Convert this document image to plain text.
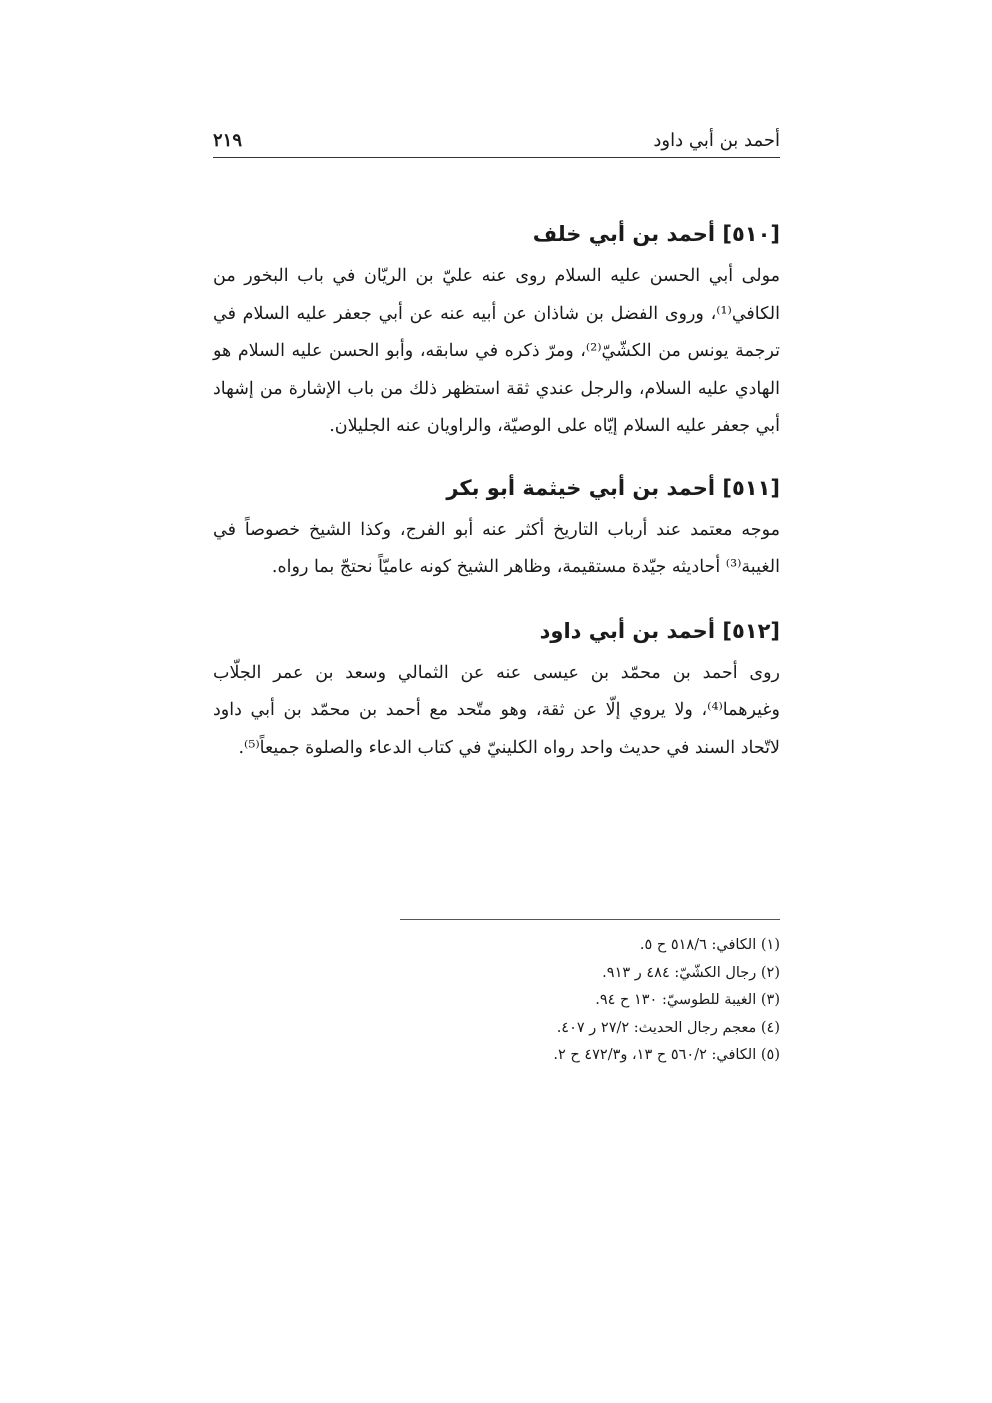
أحمد بن أبي داود
٢١٩
[٥١٠] أحمد بن أبي خلف

مولى أبي الحسن عليه السلام روى عنه عليّ بن الريّان في باب البخور من الكافي⁽¹⁾، وروى الفضل بن شاذان عن أبيه عنه عن أبي جعفر عليه السلام في ترجمة يونس من الكشّيّ⁽²⁾، ومرّ ذكره في سابقه، وأبو الحسن عليه السلام هو الهادي عليه السلام، والرجل عندي ثقة استظهر ذلك من باب الإشارة من إشهاد أبي جعفر عليه السلام إيّاه على الوصيّة، والراويان عنه الجليلان.

[٥١١] أحمد بن أبي خيثمة أبو بكر

موجه معتمد عند أرباب التاريخ أكثر عنه أبو الفرج، وكذا الشيخ خصوصاً في الغيبة⁽³⁾ أحاديثه جيّدة مستقيمة، وظاهر الشيخ كونه عاميّاً نحتجّ بما رواه.

[٥١٢] أحمد بن أبي داود

روى أحمد بن محمّد بن عيسى عنه عن الثمالي وسعد بن عمر الجلّاب وغيرهما⁽⁴⁾، ولا يروي إلّا عن ثقة، وهو متّحد مع أحمد بن محمّد بن أبي داود لاتّحاد السند في حديث واحد رواه الكلينيّ في كتاب الدعاء والصلوة جميعاً⁽⁵⁾.

(١) الكافي: ٥١٨/٦ ح ٥.
(٢) رجال الكشّيّ: ٤٨٤ ر ٩١٣.
(٣) الغيبة للطوسيّ: ١٣٠ ح ٩٤.
(٤) معجم رجال الحديث: ٢٧/٢ ر ٤٠٧.
(٥) الكافي: ٥٦٠/٢ ح ١٣، و٤٧٢/٣ ح ٢.
